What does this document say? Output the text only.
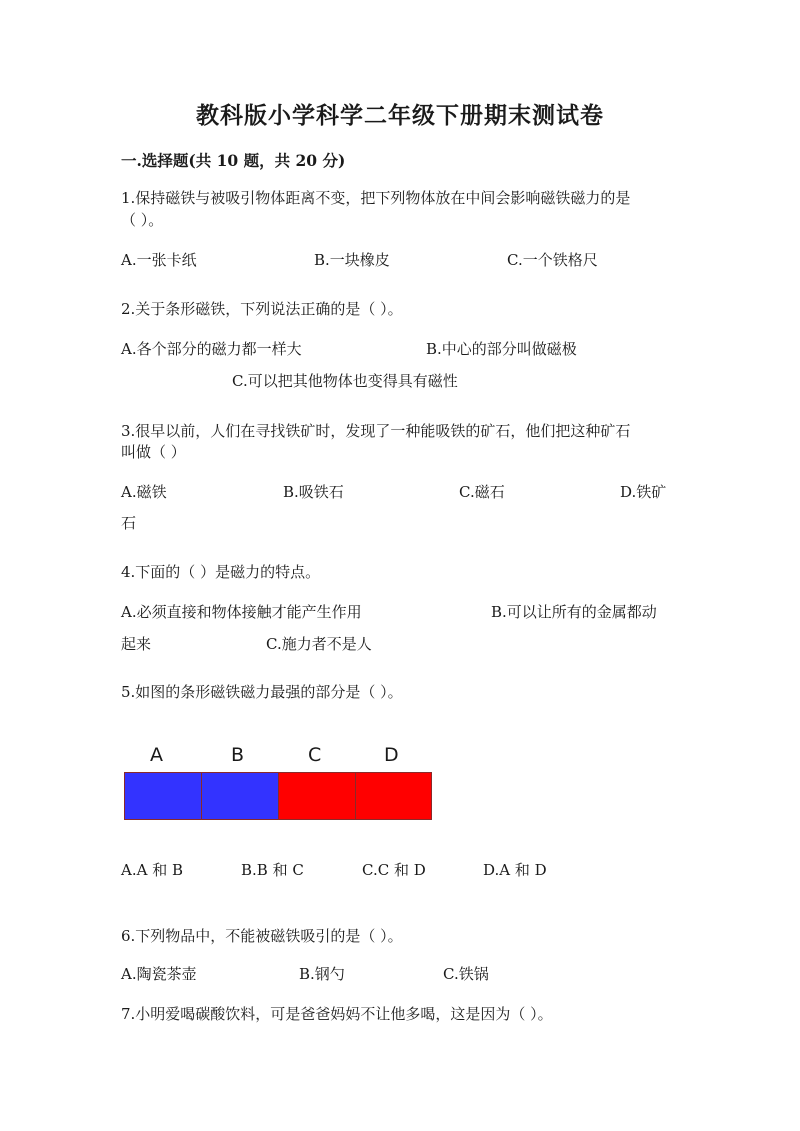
教科版小学科学二年级下册期末测试卷
一.选择题(共 10 题，共 20 分)
1.保持磁铁与被吸引物体距离不变，把下列物体放在中间会影响磁铁磁力的是
（ ）。
A.一张卡纸	B.一块橡皮	C.一个铁格尺
2.关于条形磁铁，下列说法正确的是（ ）。
A.各个部分的磁力都一样大	B.中心的部分叫做磁极
C.可以把其他物体也变得具有磁性
3.很早以前，人们在寻找铁矿时，发现了一种能吸铁的矿石，他们把这种矿石
叫做（ ）
A.磁铁	B.吸铁石	C.磁石	D.铁矿
石
4.下面的（ ）是磁力的特点。
A.必须直接和物体接触才能产生作用	B.可以让所有的金属都动
起来	C.施力者不是人
5.如图的条形磁铁磁力最强的部分是（ ）。
A	B	C	D
A.A 和 B	B.B 和 C	C.C 和 D	D.A 和 D
6.下列物品中，不能被磁铁吸引的是（ ）。
A.陶瓷茶壶	B.钢勺	C.铁锅
7.小明爱喝碳酸饮料，可是爸爸妈妈不让他多喝，这是因为（ ）。
